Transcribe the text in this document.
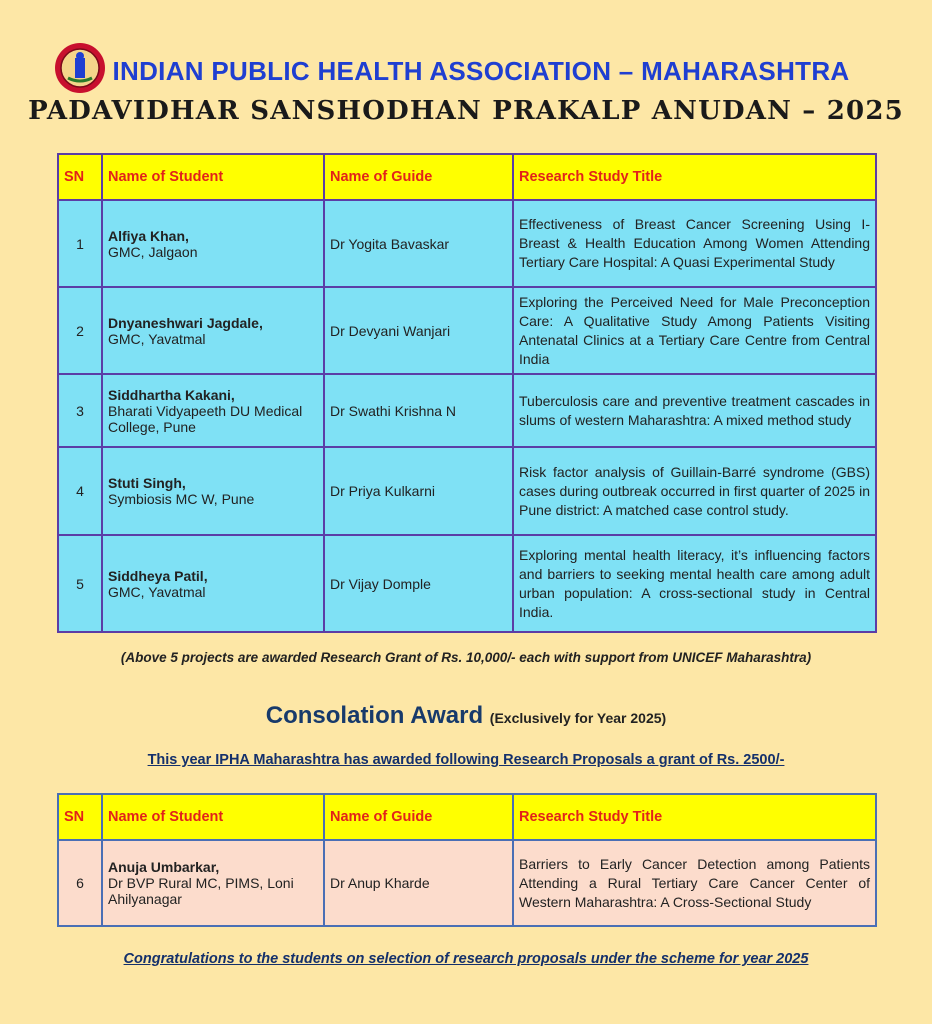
INDIAN PUBLIC HEALTH ASSOCIATION – MAHARASHTRA
PADAVIDHAR SANSHODHAN PRAKALP ANUDAN – 2025
SN	Name of Student	Name of Guide	Research Study Title
1	Alfiya Khan,
GMC, Jalgaon	Dr Yogita Bavaskar	Effectiveness of Breast Cancer Screening Using I-Breast & Health Education Among Women Attending Tertiary Care Hospital: A Quasi Experimental Study
2	Dnyaneshwari Jagdale,
GMC, Yavatmal	Dr Devyani Wanjari	Exploring the Perceived Need for Male Preconception Care: A Qualitative Study Among Patients Visiting Antenatal Clinics at a Tertiary Care Centre from Central India
3	Siddhartha Kakani,
Bharati Vidyapeeth DU Medical College, Pune	Dr Swathi Krishna N	Tuberculosis care and preventive treatment cascades in slums of western Maharashtra: A mixed method study
4	Stuti Singh,
Symbiosis MC W, Pune	Dr Priya Kulkarni	Risk factor analysis of Guillain-Barré syndrome (GBS) cases during outbreak occurred in first quarter of 2025 in Pune district: A matched case control study.
5	Siddheya Patil,
GMC, Yavatmal	Dr Vijay Domple	Exploring mental health literacy, it’s influencing factors and barriers to seeking mental health care among adult urban population: A cross-sectional study in Central India.
(Above 5 projects are awarded Research Grant of Rs. 10,000/- each with support from UNICEF Maharashtra)
Consolation Award (Exclusively for Year 2025)
This year IPHA Maharashtra has awarded following Research Proposals a grant of Rs. 2500/-
SN	Name of Student	Name of Guide	Research Study Title
6	Anuja Umbarkar,
Dr BVP Rural MC, PIMS, Loni Ahilyanagar	Dr Anup Kharde	Barriers to Early Cancer Detection among Patients Attending a Rural Tertiary Care Cancer Center of Western Maharashtra: A Cross-Sectional Study
Congratulations to the students on selection of research proposals under the scheme for year 2025
